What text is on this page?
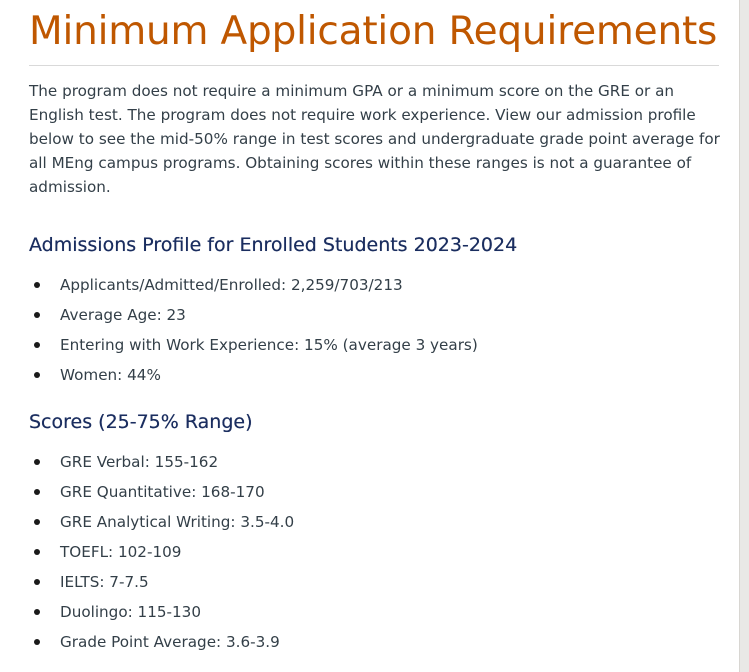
Minimum Application Requirements

The program does not require a minimum GPA or a minimum score on the GRE or an English test. The program does not require work experience. View our admission profile below to see the mid-50% range in test scores and undergraduate grade point average for all MEng campus programs. Obtaining scores within these ranges is not a guarantee of admission.

Admissions Profile for Enrolled Students 2023-2024
Applicants/Admitted/Enrolled: 2,259/703/213
Average Age: 23
Entering with Work Experience: 15% (average 3 years)
Women: 44%
Scores (25-75% Range)
GRE Verbal: 155-162
GRE Quantitative: 168-170
GRE Analytical Writing: 3.5-4.0
TOEFL: 102-109
IELTS: 7-7.5
Duolingo: 115-130
Grade Point Average: 3.6-3.9
